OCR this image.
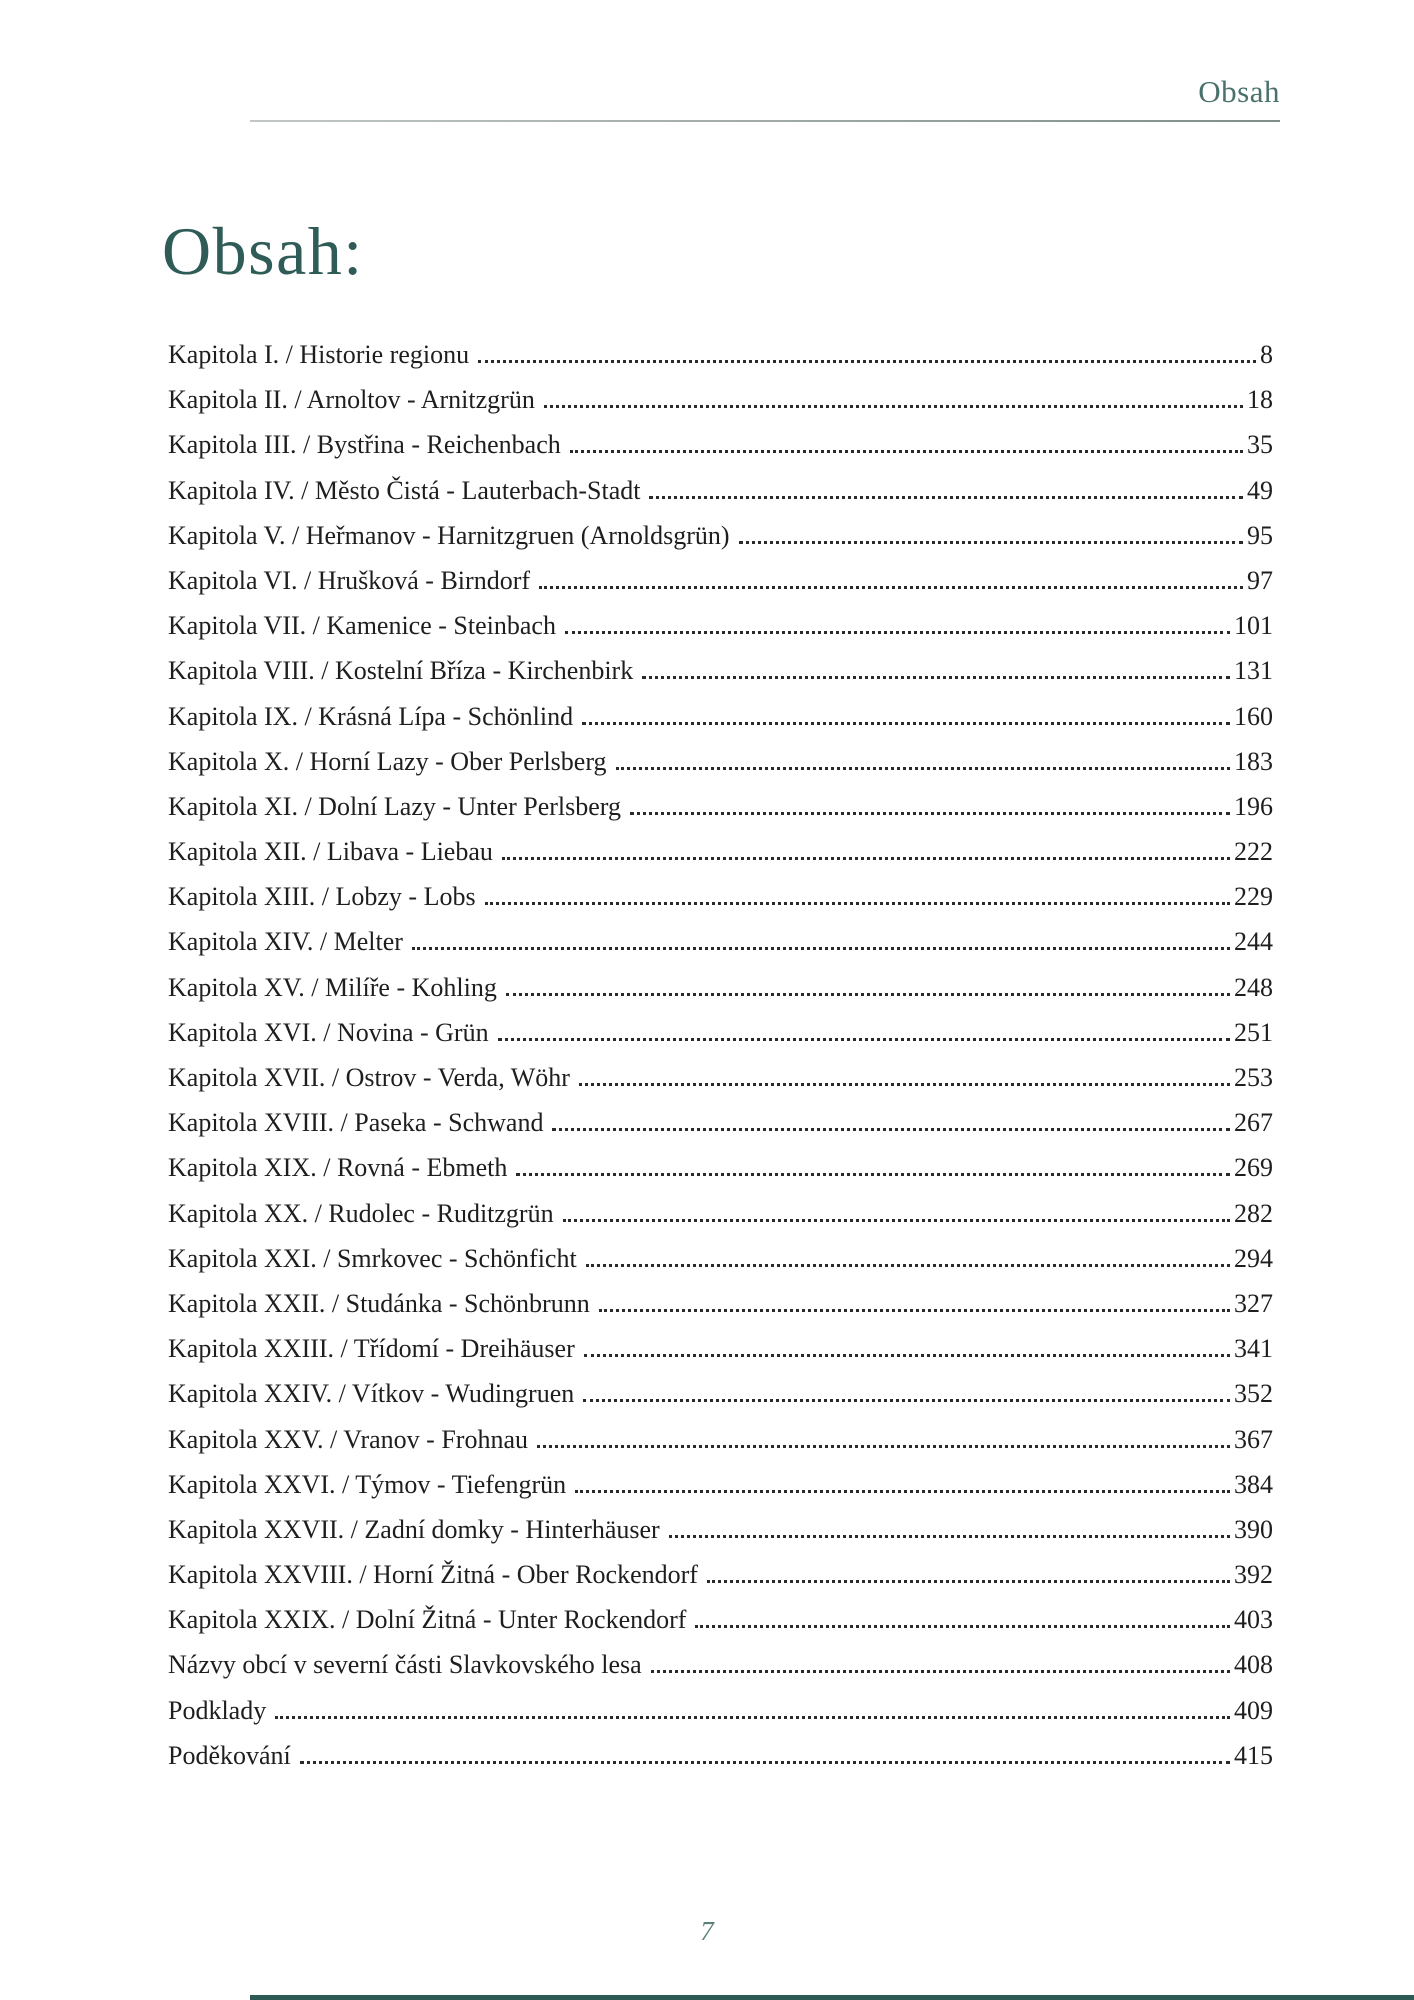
Obsah
Obsah:
Kapitola I. / Historie regionu	8
Kapitola II. / Arnoltov - Arnitzgrün	18
Kapitola III. / Bystřina - Reichenbach	35
Kapitola IV. / Město Čistá - Lauterbach-Stadt	49
Kapitola V. / Heřmanov - Harnitzgruen (Arnoldsgrün)	95
Kapitola VI. / Hrušková - Birndorf	97
Kapitola VII. / Kamenice - Steinbach	101
Kapitola VIII. / Kostelní Bříza - Kirchenbirk	131
Kapitola IX. / Krásná Lípa - Schönlind	160
Kapitola X. / Horní Lazy - Ober Perlsberg	183
Kapitola XI. / Dolní Lazy - Unter Perlsberg	196
Kapitola XII. / Libava - Liebau	222
Kapitola XIII. / Lobzy - Lobs	229
Kapitola XIV. / Melter	244
Kapitola XV. / Milíře - Kohling	248
Kapitola XVI. / Novina - Grün	251
Kapitola XVII. / Ostrov - Verda, Wöhr	253
Kapitola XVIII. / Paseka - Schwand	267
Kapitola XIX. / Rovná - Ebmeth	269
Kapitola XX. / Rudolec - Ruditzgrün	282
Kapitola XXI. / Smrkovec - Schönficht	294
Kapitola XXII. / Studánka - Schönbrunn	327
Kapitola XXIII. / Třídomí - Dreihäuser	341
Kapitola XXIV. / Vítkov - Wudingruen	352
Kapitola XXV. / Vranov - Frohnau	367
Kapitola XXVI. / Týmov - Tiefengrün	384
Kapitola XXVII. / Zadní domky - Hinterhäuser	390
Kapitola XXVIII. / Horní Žitná - Ober Rockendorf	392
Kapitola XXIX. / Dolní Žitná - Unter Rockendorf	403
Názvy obcí v severní části Slavkovského lesa	408
Podklady	409
Poděkování	415
7
